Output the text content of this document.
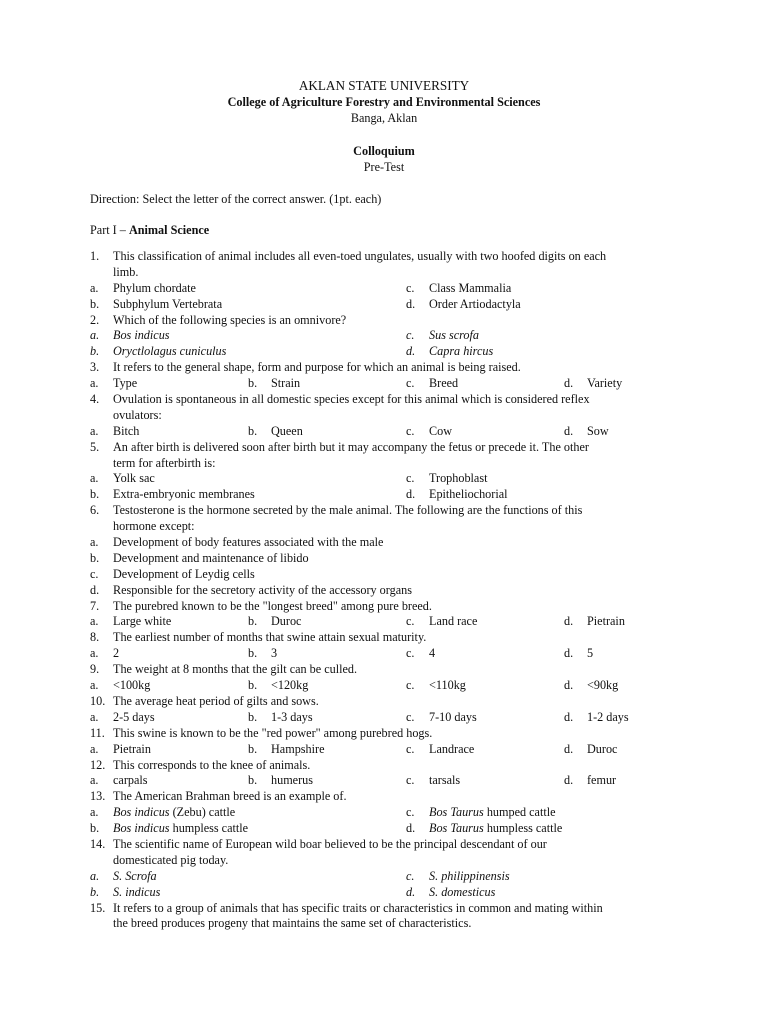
AKLAN STATE UNIVERSITY
College of Agriculture Forestry and Environmental Sciences
Banga, Aklan
Colloquium
Pre-Test
Direction: Select the letter of the correct answer. (1pt. each)
Part I – Animal Science
1. This classification of animal includes all even-toed ungulates, usually with two hoofed digits on each
limb.
a. Phylum chordate	c. Class Mammalia
b. Subphylum Vertebrata	d. Order Artiodactyla
2. Which of the following species is an omnivore?
a. Bos indicus	c. Sus scrofa
b. Oryctlolagus cuniculus	d. Capra hircus
3. It refers to the general shape, form and purpose for which an animal is being raised.
a. Type	b. Strain	c. Breed	d. Variety
4. Ovulation is spontaneous in all domestic species except for this animal which is considered reflex
ovulators:
a. Bitch	b. Queen	c. Cow	d. Sow
5. An after birth is delivered soon after birth but it may accompany the fetus or precede it. The other
term for afterbirth is:
a. Yolk sac	c. Trophoblast
b. Extra-embryonic membranes	d. Epitheliochorial
6. Testosterone is the hormone secreted by the male animal. The following are the functions of this
hormone except:
a. Development of body features associated with the male
b. Development and maintenance of libido
c. Development of Leydig cells
d. Responsible for the secretory activity of the accessory organs
7. The purebred known to be the "longest breed" among pure breed.
a. Large white	b. Duroc	c. Land race	d. Pietrain
8. The earliest number of months that swine attain sexual maturity.
a. 2	b. 3	c. 4	d. 5
9. The weight at 8 months that the gilt can be culled.
a. <100kg	b. <120kg	c. <110kg	d. <90kg
10. The average heat period of gilts and sows.
a. 2-5 days	b. 1-3 days	c. 7-10 days	d. 1-2 days
11. This swine is known to be the "red power" among purebred hogs.
a. Pietrain	b. Hampshire	c. Landrace	d. Duroc
12. This corresponds to the knee of animals.
a. carpals	b. humerus	c. tarsals	d. femur
13. The American Brahman breed is an example of.
a. Bos indicus (Zebu) cattle	c. Bos Taurus humped cattle
b. Bos indicus humpless cattle	d. Bos Taurus humpless cattle
14. The scientific name of European wild boar believed to be the principal descendant of our
domesticated pig today.
a. S. Scrofa	c. S. philippinensis
b. S. indicus	d. S. domesticus
15. It refers to a group of animals that has specific traits or characteristics in common and mating within
the breed produces progeny that maintains the same set of characteristics.
